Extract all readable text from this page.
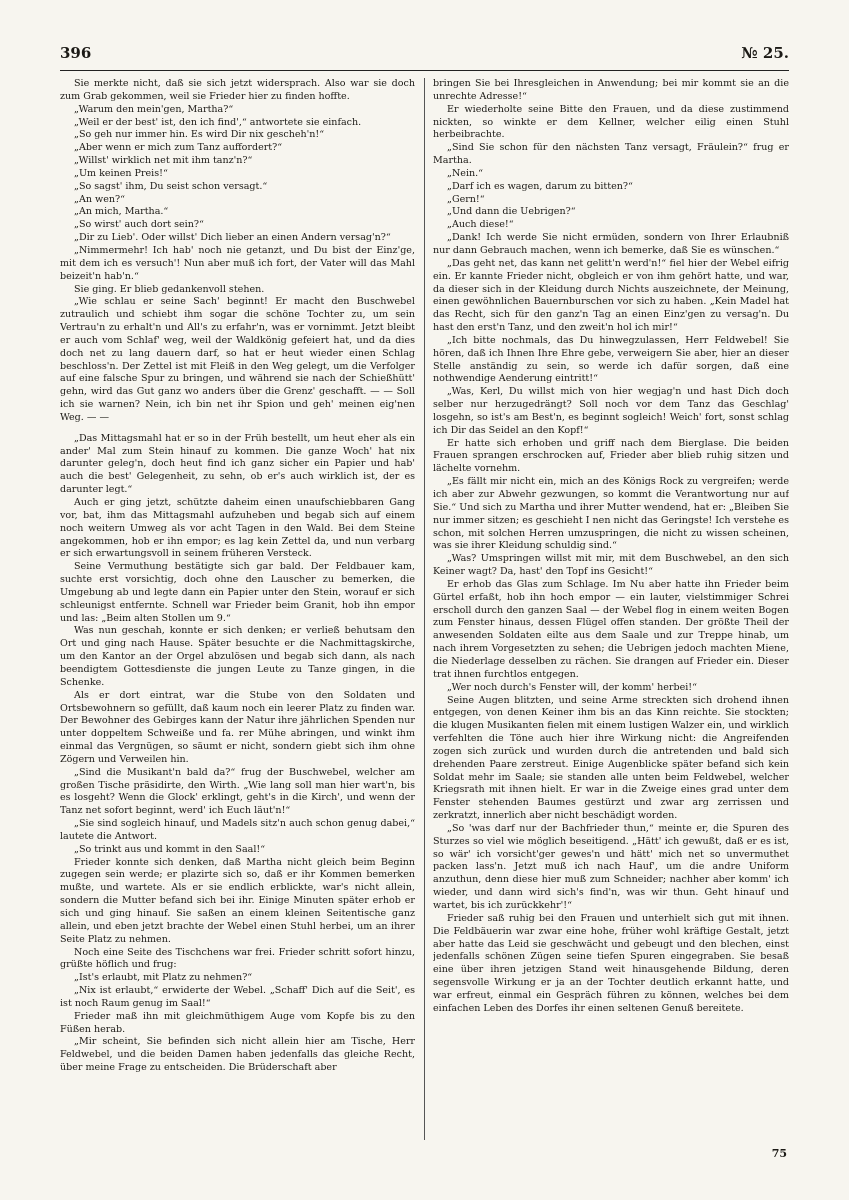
396	№ 25.

Sie merkte nicht, daß sie sich jetzt widersprach. Also war sie doch zum Grab gekommen, weil sie Frieder hier zu finden hoffte.

„Warum den mein'gen, Martha?“

„Weil er der best' ist, den ich find',“ antwortete sie einfach.

„So geh nur immer hin. Es wird Dir nix gescheh'n!“

„Aber wenn er mich zum Tanz auffordert?“

„Willst' wirklich net mit ihm tanz'n?“

„Um keinen Preis!“

„So sagst' ihm, Du seist schon versagt.“

„An wen?“

„An mich, Martha.“

„So wirst' auch dort sein?“

„Dir zu Lieb'. Oder willst' Dich lieber an einen Andern versag'n?“

„Nimmermehr! Ich hab' noch nie getanzt, und Du bist der Einz'ge, mit dem ich es versuch'! Nun aber muß ich fort, der Vater will das Mahl beizeit'n hab'n.“

Sie ging. Er blieb gedankenvoll stehen.

„Wie schlau er seine Sach' beginnt! Er macht den Buschwebel zutraulich und schiebt ihm sogar die schöne Tochter zu, um sein Vertrau'n zu erhalt'n und All's zu erfahr'n, was er vornimmt. Jetzt bleibt er auch vom Schlaf' weg, weil der Waldkönig gefeiert hat, und da dies doch net zu lang dauern darf, so hat er heut wieder einen Schlag beschloss'n. Der Zettel ist mit Fleiß in den Weg gelegt, um die Verfolger auf eine falsche Spur zu bringen, und während sie nach der Schießhütt' gehn, wird das Gut ganz wo anders über die Grenz' geschafft. — — Soll ich sie warnen? Nein, ich bin net ihr Spion und geh' meinen eig'nen Weg. — —

„Das Mittagsmahl hat er so in der Früh bestellt, um heut eher als ein ander' Mal zum Stein hinauf zu kommen. Die ganze Woch' hat nix darunter geleg'n, doch heut find ich ganz sicher ein Papier und hab' auch die best' Gelegenheit, zu sehn, ob er's auch wirklich ist, der es darunter legt.“

Auch er ging jetzt, schützte daheim einen unaufschiebbaren Gang vor, bat, ihm das Mittagsmahl aufzuheben und begab sich auf einem noch weitern Umweg als vor acht Tagen in den Wald. Bei dem Steine angekommen, hob er ihn empor; es lag kein Zettel da, und nun verbarg er sich erwartungsvoll in seinem früheren Versteck.

Seine Vermuthung bestätigte sich gar bald. Der Feldbauer kam, suchte erst vorsichtig, doch ohne den Lauscher zu bemerken, die Umgebung ab und legte dann ein Papier unter den Stein, worauf er sich schleunigst entfernte. Schnell war Frieder beim Granit, hob ihn empor und las: „Beim alten Stollen um 9.“

Was nun geschah, konnte er sich denken; er verließ behutsam den Ort und ging nach Hause. Später besuchte er die Nachmittagskirche, um den Kantor an der Orgel abzulösen und begab sich dann, als nach beendigtem Gottesdienste die jungen Leute zu Tanze gingen, in die Schenke.

Als er dort eintrat, war die Stube von den Soldaten und Ortsbewohnern so gefüllt, daß kaum noch ein leerer Platz zu finden war. Der Bewohner des Gebirges kann der Natur ihre jährlichen Spenden nur unter doppeltem Schweiße und fa. rer Mühe abringen, und winkt ihm einmal das Vergnügen, so säumt er nicht, sondern giebt sich ihm ohne Zögern und Verweilen hin.

„Sind die Musikant'n bald da?“ frug der Buschwebel, welcher am großen Tische präsidirte, den Wirth. „Wie lang soll man hier wart'n, bis es losgeht? Wenn die Glock' erklingt, geht's in die Kirch', und wenn der Tanz net sofort beginnt, werd' ich Euch läut'n!“

„Sie sind sogleich hinauf, und Madels sitz'n auch schon genug dabei,“ lautete die Antwort.

„So trinkt aus und kommt in den Saal!“

Frieder konnte sich denken, daß Martha nicht gleich beim Beginn zugegen sein werde; er plazirte sich so, daß er ihr Kommen bemerken mußte, und wartete. Als er sie endlich erblickte, war's nicht allein, sondern die Mutter befand sich bei ihr. Einige Minuten später erhob er sich und ging hinauf. Sie saßen an einem kleinen Seitentische ganz allein, und eben jetzt brachte der Webel einen Stuhl herbei, um an ihrer Seite Platz zu nehmen.

Noch eine Seite des Tischchens war frei. Frieder schritt sofort hinzu, grüßte höflich und frug:

„Ist's erlaubt, mit Platz zu nehmen?“

„Nix ist erlaubt,“ erwiderte der Webel. „Schaff' Dich auf die Seit', es ist noch Raum genug im Saal!“

Frieder maß ihn mit gleichmüthigem Auge vom Kopfe bis zu den Füßen herab.

„Mir scheint, Sie befinden sich nicht allein hier am Tische, Herr Feldwebel, und die beiden Damen haben jedenfalls das gleiche Recht, über meine Frage zu entscheiden. Die Brüderschaft aber

bringen Sie bei Ihresgleichen in Anwendung; bei mir kommt sie an die unrechte Adresse!“

Er wiederholte seine Bitte den Frauen, und da diese zustimmend nickten, so winkte er dem Kellner, welcher eilig einen Stuhl herbeibrachte.

„Sind Sie schon für den nächsten Tanz versagt, Fräulein?“ frug er Martha.

„Nein.“

„Darf ich es wagen, darum zu bitten?“

„Gern!“

„Und dann die Uebrigen?“

„Auch diese!“

„Dank! Ich werde Sie nicht ermüden, sondern von Ihrer Erlaubniß nur dann Gebrauch machen, wenn ich bemerke, daß Sie es wünschen.“

„Das geht net, das kann net gelitt'n werd'n!“ fiel hier der Webel eifrig ein. Er kannte Frieder nicht, obgleich er von ihm gehört hatte, und war, da dieser sich in der Kleidung durch Nichts auszeichnete, der Meinung, einen gewöhnlichen Bauernburschen vor sich zu haben. „Kein Madel hat das Recht, sich für den ganz'n Tag an einen Einz'gen zu versag'n. Du hast den erst'n Tanz, und den zweit'n hol ich mir!“

„Ich bitte nochmals, das Du hinwegzulassen, Herr Feldwebel! Sie hören, daß ich Ihnen Ihre Ehre gebe, verweigern Sie aber, hier an dieser Stelle anständig zu sein, so werde ich dafür sorgen, daß eine nothwendige Aenderung eintritt!“

„Was, Kerl, Du willst mich von hier wegjag'n und hast Dich doch selber nur herzugedrängt? Soll noch vor dem Tanz das Geschlag' losgehn, so ist's am Best'n, es beginnt sogleich! Weich' fort, sonst schlag ich Dir das Seidel an den Kopf!“

Er hatte sich erhoben und griff nach dem Bierglase. Die beiden Frauen sprangen erschrocken auf, Frieder aber blieb ruhig sitzen und lächelte vornehm.

„Es fällt mir nicht ein, mich an des Königs Rock zu vergreifen; werde ich aber zur Abwehr gezwungen, so kommt die Verantwortung nur auf Sie.“ Und sich zu Martha und ihrer Mutter wendend, hat er: „Bleiben Sie nur immer sitzen; es geschieht I nen nicht das Geringste! Ich verstehe es schon, mit solchen Herren umzuspringen, die nicht zu wissen scheinen, was sie ihrer Kleidung schuldig sind.“

„Was? Umspringen willst mit mir, mit dem Buschwebel, an den sich Keiner wagt? Da, hast' den Topf ins Gesicht!“

Er erhob das Glas zum Schlage. Im Nu aber hatte ihn Frieder beim Gürtel erfaßt, hob ihn hoch empor — ein lauter, vielstimmiger Schrei erscholl durch den ganzen Saal — der Webel flog in einem weiten Bogen zum Fenster hinaus, dessen Flügel offen standen. Der größte Theil der anwesenden Soldaten eilte aus dem Saale und zur Treppe hinab, um nach ihrem Vorgesetzten zu sehen; die Uebrigen jedoch machten Miene, die Niederlage desselben zu rächen. Sie drangen auf Frieder ein. Dieser trat ihnen furchtlos entgegen.

„Wer noch durch's Fenster will, der komm' herbei!“

Seine Augen blitzten, und seine Arme streckten sich drohend ihnen entgegen, von denen Keiner ihm bis an das Kinn reichte. Sie stockten; die klugen Musikanten fielen mit einem lustigen Walzer ein, und wirklich verfehlten die Töne auch hier ihre Wirkung nicht: die Angreifenden zogen sich zurück und wurden durch die antretenden und bald sich drehenden Paare zerstreut. Einige Augenblicke später befand sich kein Soldat mehr im Saale; sie standen alle unten beim Feldwebel, welcher Kriegsrath mit ihnen hielt. Er war in die Zweige eines grad unter dem Fenster stehenden Baumes gestürzt und zwar arg zerrissen und zerkratzt, innerlich aber nicht beschädigt worden.

„So 'was darf nur der Bachfrieder thun,“ meinte er, die Spuren des Sturzes so viel wie möglich beseitigend. „Hätt' ich gewußt, daß er es ist, so wär' ich vorsicht'ger gewes'n und hätt' mich net so unvermuthet packen lass'n. Jetzt muß ich nach Hauf', um die andre Uniform anzuthun, denn diese hier muß zum Schneider; nachher aber komm' ich wieder, und dann wird sich's find'n, was wir thun. Geht hinauf und wartet, bis ich zurückkehr'!“

Frieder saß ruhig bei den Frauen und unterhielt sich gut mit ihnen. Die Feldbäuerin war zwar eine hohe, früher wohl kräftige Gestalt, jetzt aber hatte das Leid sie geschwächt und gebeugt und den blechen, einst jedenfalls schönen Zügen seine tiefen Spuren eingegraben. Sie besaß eine über ihren jetzigen Stand weit hinausgehende Bildung, deren segensvolle Wirkung er ja an der Tochter deutlich erkannt hatte, und war erfreut, einmal ein Gespräch führen zu können, welches bei dem einfachen Leben des Dorfes ihr einen seltenen Genuß bereitete.

75
